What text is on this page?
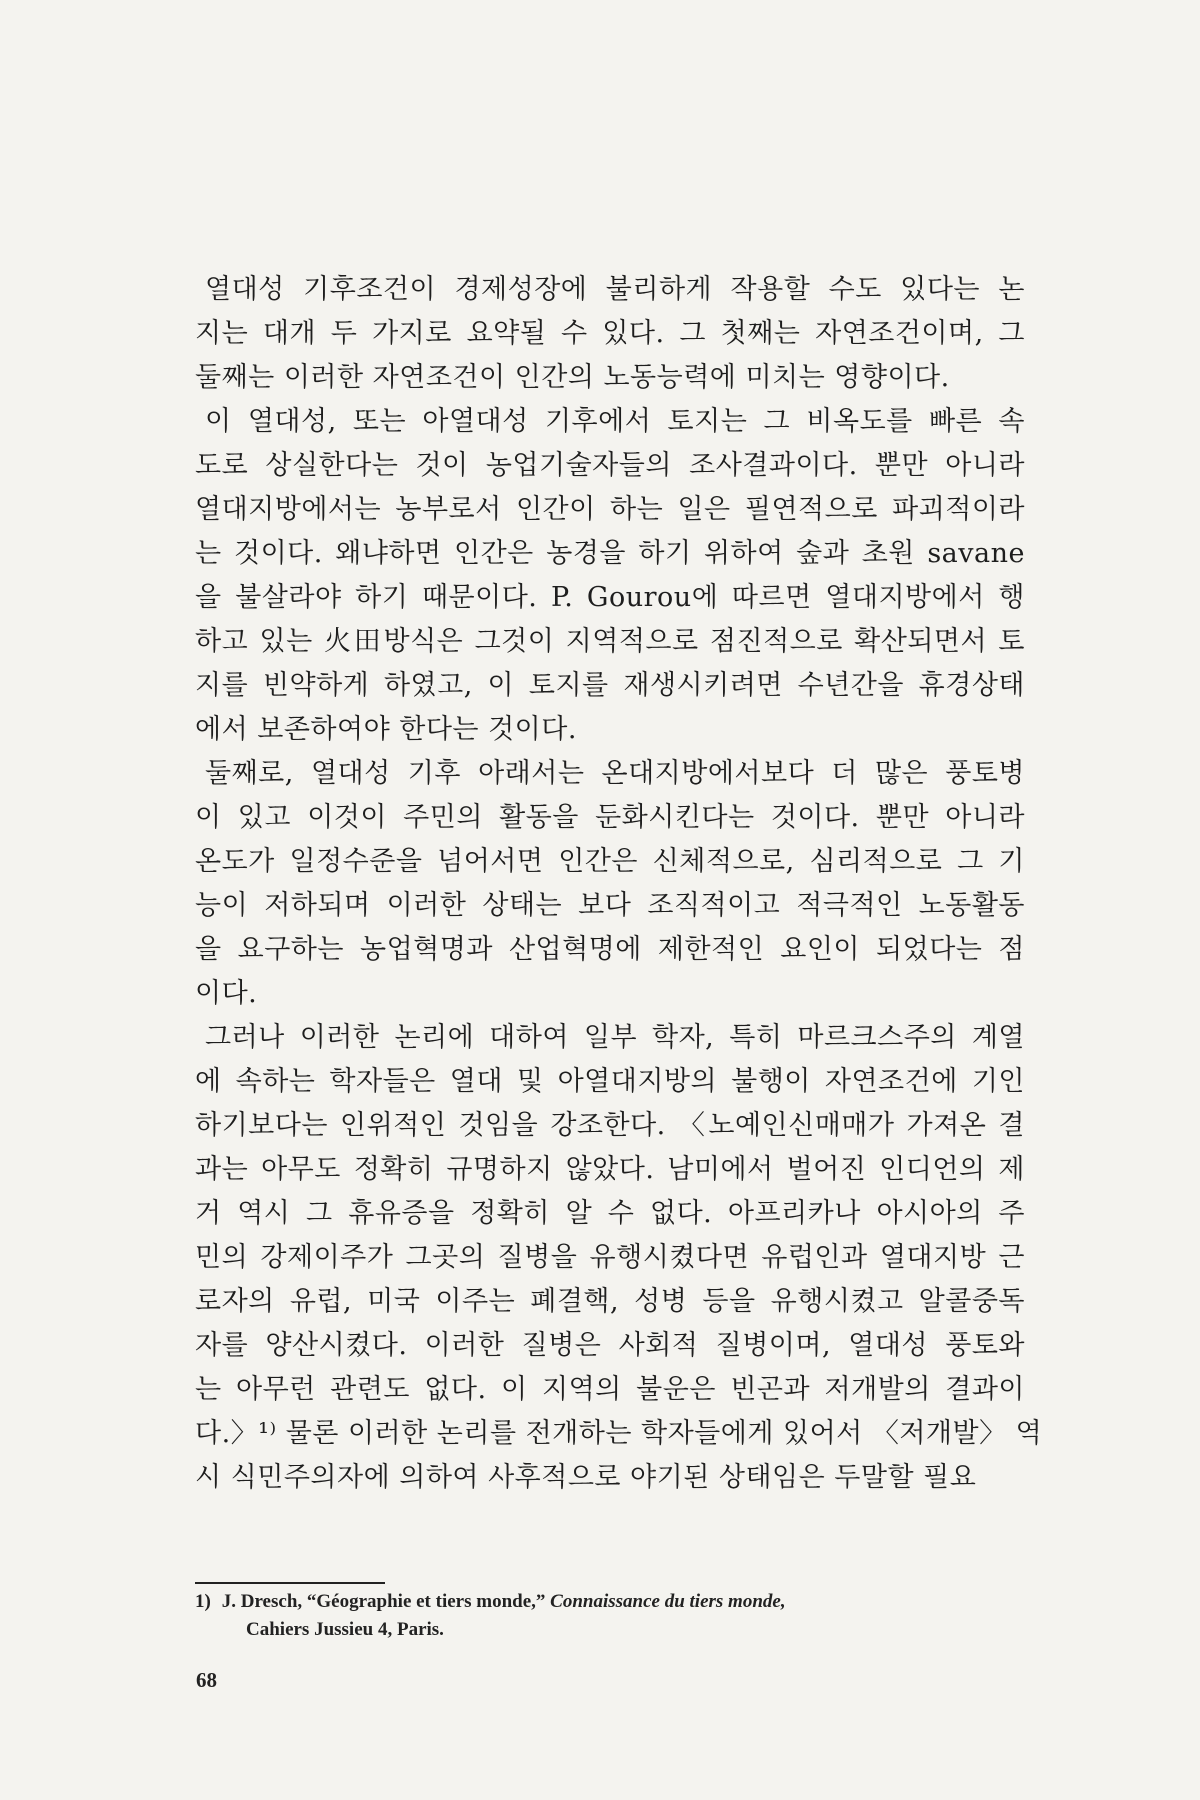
열대성 기후조건이 경제성장에 불리하게 작용할 수도 있다는 논
지는 대개 두 가지로 요약될 수 있다. 그 첫째는 자연조건이며, 그
둘째는 이러한 자연조건이 인간의 노동능력에 미치는 영향이다.
이 열대성, 또는 아열대성 기후에서 토지는 그 비옥도를 빠른 속
도로 상실한다는 것이 농업기술자들의 조사결과이다. 뿐만 아니라
열대지방에서는 농부로서 인간이 하는 일은 필연적으로 파괴적이라
는 것이다. 왜냐하면 인간은 농경을 하기 위하여 숲과 초원 savane
을 불살라야 하기 때문이다. P. Gourou에 따르면 열대지방에서 행
하고 있는 火田방식은 그것이 지역적으로 점진적으로 확산되면서 토
지를 빈약하게 하였고, 이 토지를 재생시키려면 수년간을 휴경상태
에서 보존하여야 한다는 것이다.
둘째로, 열대성 기후 아래서는 온대지방에서보다 더 많은 풍토병
이 있고 이것이 주민의 활동을 둔화시킨다는 것이다. 뿐만 아니라
온도가 일정수준을 넘어서면 인간은 신체적으로, 심리적으로 그 기
능이 저하되며 이러한 상태는 보다 조직적이고 적극적인 노동활동
을 요구하는 농업혁명과 산업혁명에 제한적인 요인이 되었다는 점
이다.
그러나 이러한 논리에 대하여 일부 학자, 특히 마르크스주의 계열
에 속하는 학자들은 열대 및 아열대지방의 불행이 자연조건에 기인
하기보다는 인위적인 것임을 강조한다. 〈노예인신매매가 가져온 결
과는 아무도 정확히 규명하지 않았다. 남미에서 벌어진 인디언의 제
거 역시 그 휴유증을 정확히 알 수 없다. 아프리카나 아시아의 주
민의 강제이주가 그곳의 질병을 유행시켰다면 유럽인과 열대지방 근
로자의 유럽, 미국 이주는 폐결핵, 성병 등을 유행시켰고 알콜중독
자를 양산시켰다. 이러한 질병은 사회적 질병이며, 열대성 풍토와
는 아무런 관련도 없다. 이 지역의 불운은 빈곤과 저개발의 결과이
다.〉¹⁾ 물론 이러한 논리를 전개하는 학자들에게 있어서 〈저개발〉 역
시 식민주의자에 의하여 사후적으로 야기된 상태임은 두말할 필요
1) J. Dresch, “Géographie et tiers monde,” Connaissance du tiers monde,
Cahiers Jussieu 4, Paris.
68
